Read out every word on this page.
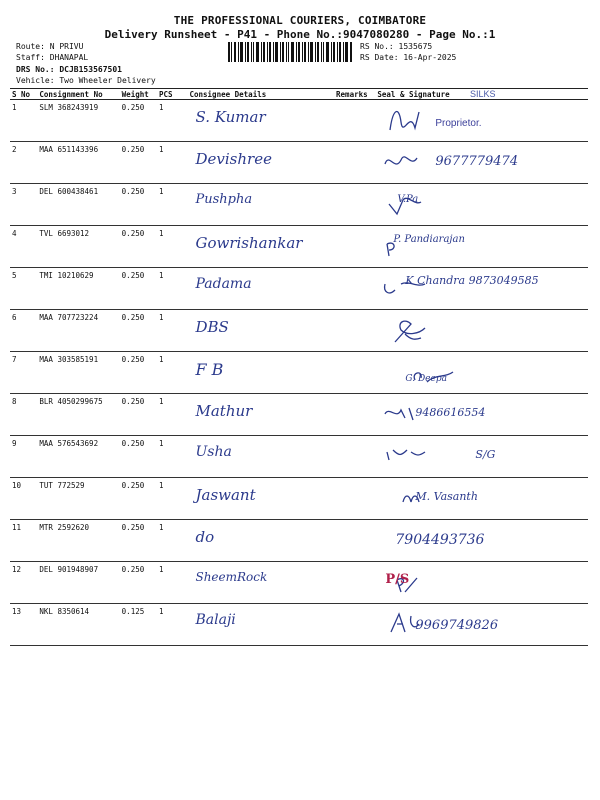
THE PROFESSIONAL COURIERS, COIMBATORE
Delivery Runsheet - P41 - Phone No.:9047080280 - Page No.:1
Route: N PRIVU
Staff: DHANAPAL
DRS No.: DCJB153567501
Vehicle: Two Wheeler Delivery
RS No.: 1535675
RS Date: 16-Apr-2025
S No	Consignment No	Weight	PCS	Consignee Details	Remarks	Seal & Signature
1	SLM 368243919	0.250	1	S. Kumar		Proprietor.

2	MAA 651143396	0.250	1	Devishree		9677779474

3	DEL 600438461	0.250	1	Pushpha		V.Pa

4	TVL 6693012	0.250	1	Gowrishankar		P. Pandiarajan

5	TMI 10210629	0.250	1	Padama		K Chandra 9873049585

6	MAA 707723224	0.250	1	DBS

7	MAA 303585191	0.250	1	F B		G. Deepa

8	BLR 4050299675	0.250	1	Mathur		9486616554

9	MAA 576543692	0.250	1	Usha		S/G

10	TUT 772529	0.250	1	Jaswant		M. Vasanth

11	MTR 2592620	0.250	1	do		7904493736

12	DEL 901948907	0.250	1	SheemRock		P/S

13	NKL 8350614	0.125	1	Balaji		9969749826
SILKS
